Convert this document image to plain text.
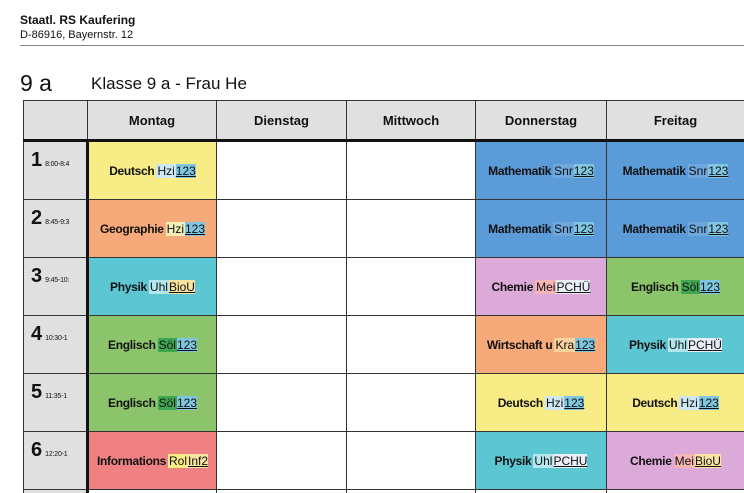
Staatl. RS Kaufering
D-86916, Bayernstr. 12
9 a Klasse 9 a - Frau He
	Montag	Dienstag	Mittwoch	Donnerstag	Freitag
1 8:00-8:4	Deutsch Hzi123			Mathematik Snr123	Mathematik Snr123
2 8:45-9:3	Geographie Hzi123			Mathematik Snr123	Mathematik Snr123
3 9:45-10:	Physik UhlBioU			Chemie MeiPCHÜ	Englisch Söl123
4 10:30-1	Englisch Söl123			Wirtschaft u Kra123	Physik UhlPCHÜ
5 11:35-1	Englisch Söl123			Deutsch Hzi123	Deutsch Hzi123
6 12:20-1	Informations RolInf2			Physik UhlPCHU	Chemie MeiBioU
